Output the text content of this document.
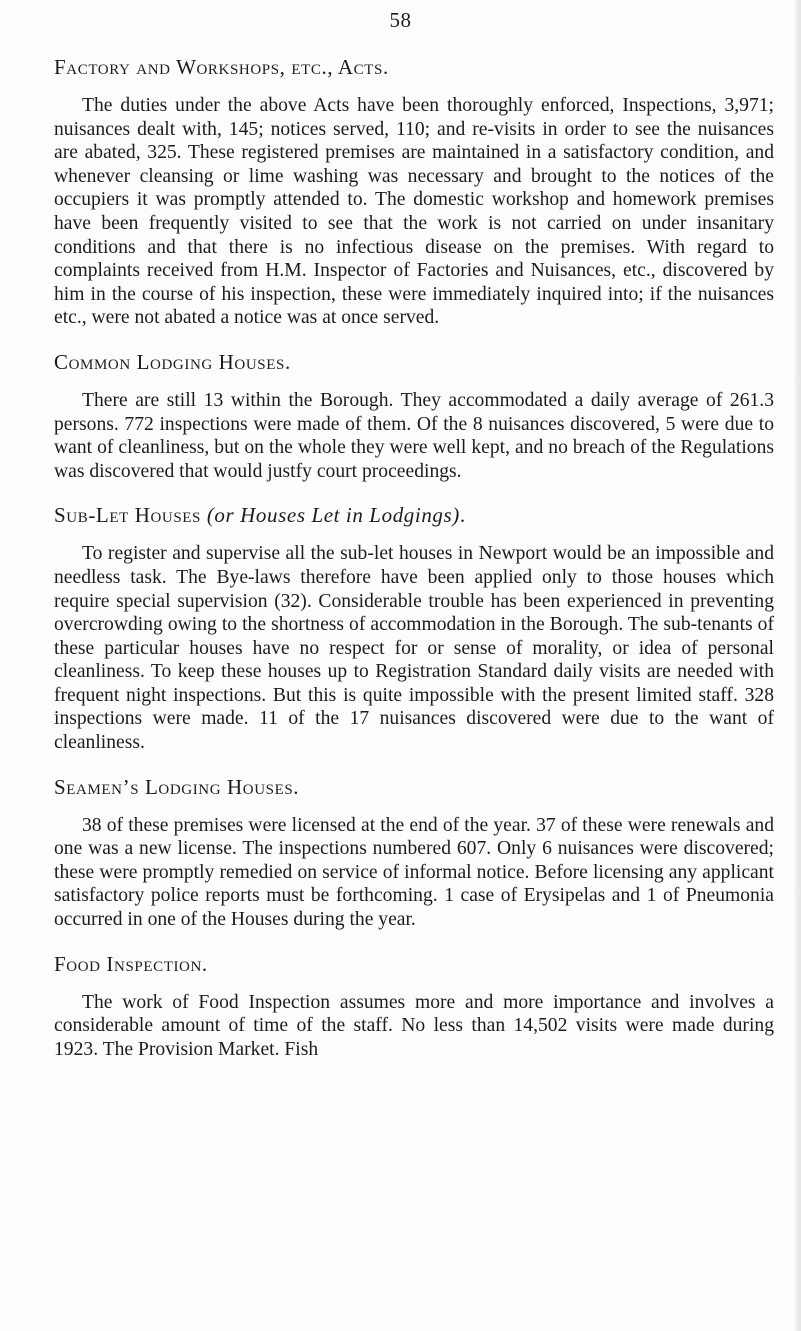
58
Factory and Workshops, etc., Acts.

The duties under the above Acts have been thoroughly enforced, Inspections, 3,971; nuisances dealt with, 145; notices served, 110; and re-visits in order to see the nuisances are abated, 325. These registered premises are maintained in a satisfactory condition, and whenever cleansing or lime washing was necessary and brought to the notices of the occupiers it was promptly attended to. The domestic workshop and homework premises have been frequently visited to see that the work is not carried on under insanitary conditions and that there is no infectious disease on the premises. With regard to complaints received from H.M. Inspector of Factories and Nuisances, etc., discovered by him in the course of his inspection, these were immediately inquired into; if the nuisances etc., were not abated a notice was at once served.

Common Lodging Houses.

There are still 13 within the Borough. They accommodated a daily average of 261.3 persons. 772 inspections were made of them. Of the 8 nuisances discovered, 5 were due to want of cleanliness, but on the whole they were well kept, and no breach of the Regulations was discovered that would justfy court proceedings.

Sub-Let Houses (or Houses Let in Lodgings).

To register and supervise all the sub-let houses in Newport would be an impossible and needless task. The Bye-laws therefore have been applied only to those houses which require special supervision (32). Considerable trouble has been experienced in preventing overcrowding owing to the shortness of accommodation in the Borough. The sub-tenants of these particular houses have no respect for or sense of morality, or idea of personal cleanliness. To keep these houses up to Registration Standard daily visits are needed with frequent night inspections. But this is quite impossible with the present limited staff. 328 inspections were made. 11 of the 17 nuisances discovered were due to the want of cleanliness.

Seamen’s Lodging Houses.

38 of these premises were licensed at the end of the year. 37 of these were renewals and one was a new license. The inspections numbered 607. Only 6 nuisances were discovered; these were promptly remedied on service of informal notice. Before licensing any applicant satisfactory police reports must be forthcoming. 1 case of Erysipelas and 1 of Pneumonia occurred in one of the Houses during the year.

Food Inspection.

The work of Food Inspection assumes more and more importance and involves a considerable amount of time of the staff. No less than 14,502 visits were made during 1923. The Provision Market. Fish
